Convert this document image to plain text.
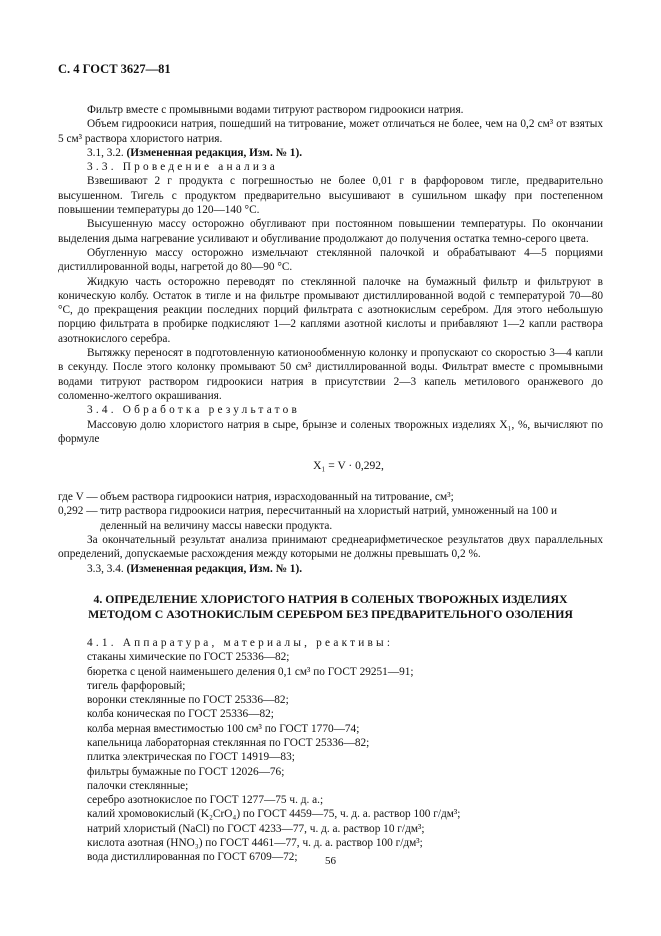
С. 4 ГОСТ 3627—81

Фильтр вместе с промывными водами титруют раствором гидроокиси натрия.

Объем гидроокиси натрия, пошедший на титрование, может отличаться не более, чем на 0,2 см³ от взятых 5 см³ раствора хлористого натрия.

3.1, 3.2. (Измененная редакция, Изм. № 1).

3.3. Проведение анализа

Взвешивают 2 г продукта с погрешностью не более 0,01 г в фарфоровом тигле, предварительно высушенном. Тигель с продуктом предварительно высушивают в сушильном шкафу при постепенном повышении температуры до 120—140 °С.

Высушенную массу осторожно обугливают при постоянном повышении температуры. По окончании выделения дыма нагревание усиливают и обугливание продолжают до получения остатка темно-серого цвета.

Обугленную массу осторожно измельчают стеклянной палочкой и обрабатывают 4—5 порциями дистиллированной воды, нагретой до 80—90 °С.

Жидкую часть осторожно переводят по стеклянной палочке на бумажный фильтр и фильтруют в коническую колбу. Остаток в тигле и на фильтре промывают дистиллированной водой с температурой 70—80 °С, до прекращения реакции последних порций фильтрата с азотнокислым серебром. Для этого небольшую порцию фильтрата в пробирке подкисляют 1—2 каплями азотной кислоты и прибавляют 1—2 капли раствора азотнокислого серебра.

Вытяжку переносят в подготовленную катионообменную колонку и пропускают со скоростью 3—4 капли в секунду. После этого колонку промывают 50 см³ дистиллированной воды. Фильтрат вместе с промывными водами титруют раствором гидроокиси натрия в присутствии 2—3 капель метилового оранжевого до соломенно-желтого окрашивания.

3.4. Обработка результатов

Массовую долю хлористого натрия в сыре, брынзе и соленых творожных изделиях X₁, %, вычисляют по формуле

X₁ = V · 0,292,
где V — объем раствора гидроокиси натрия, израсходованный на титрование, см³;
0,292 — титр раствора гидроокиси натрия, пересчитанный на хлористый натрий, умноженный на 100 и деленный на величину массы навески продукта.

За окончательный результат анализа принимают среднеарифметическое результатов двух параллельных определений, допускаемые расхождения между которыми не должны превышать 0,2 %.

3.3, 3.4. (Измененная редакция, Изм. № 1).

4. ОПРЕДЕЛЕНИЕ ХЛОРИСТОГО НАТРИЯ В СОЛЕНЫХ ТВОРОЖНЫХ ИЗДЕЛИЯХ МЕТОДОМ С АЗОТНОКИСЛЫМ СЕРЕБРОМ БЕЗ ПРЕДВАРИТЕЛЬНОГО ОЗОЛЕНИЯ

4.1. Аппаратура, материалы, реактивы:

стаканы химические по ГОСТ 25336—82;
бюретка с ценой наименьшего деления 0,1 см³ по ГОСТ 29251—91;
тигель фарфоровый;
воронки стеклянные по ГОСТ 25336—82;
колба коническая по ГОСТ 25336—82;
колба мерная вместимостью 100 см³ по ГОСТ 1770—74;
капельница лабораторная стеклянная по ГОСТ 25336—82;
плитка электрическая по ГОСТ 14919—83;
фильтры бумажные по ГОСТ 12026—76;
палочки стеклянные;
серебро азотнокислое по ГОСТ 1277—75 ч. д. а.;
калий хромовокислый (K₂CrO₄) по ГОСТ 4459—75, ч. д. а. раствор 100 г/дм³;
натрий хлористый (NaCl) по ГОСТ 4233—77, ч. д. а. раствор 10 г/дм³;
кислота азотная (HNO₃) по ГОСТ 4461—77, ч. д. а. раствор 100 г/дм³;
вода дистиллированная по ГОСТ 6709—72;	56
